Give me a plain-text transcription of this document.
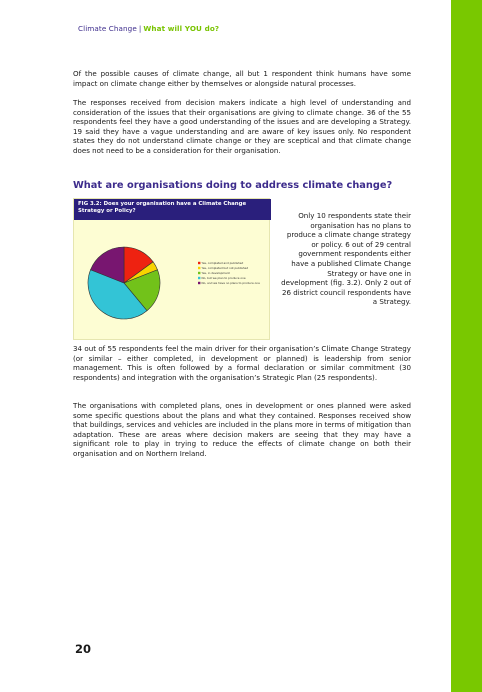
Climate Change | What will YOU do?

Of the possible causes of climate change, all but 1 respondent think humans have some impact on climate change either by themselves or alongside natural processes.

The responses received from decision makers indicate a high level of understanding and consideration of the issues that their organisations are giving to climate change. 36 of the 55 respondents feel they have a good understanding of the issues and are developing a Strategy. 19 said they have a vague understanding and are aware of key issues only. No respondent states they do not understand climate change or they are sceptical and that climate change does not need to be a consideration for their organisation.

What are organisations doing to address climate change?
FIG 3.2: Does your organisation have a Climate Change Strategy or Policy?
Yes, completed and published
Yes, completed but not published
Yes, in development
No, but we plan to produce one
No, and we have no plans to produce one

Only 10 respondents state their organisation has no plans to produce a climate change strategy or policy. 6 out of 29 central government respondents either have a published Climate Change Strategy or have one in development (fig. 3.2). Only 2 out of 26 district council respondents have a Strategy.

34 out of 55 respondents feel the main driver for their organisation’s Climate Change Strategy (or similar – either completed, in development or planned) is leadership from senior management. This is often followed by a formal declaration or similar commitment (30 respondents) and integration with the organisation’s Strategic Plan (25 respondents).

The organisations with completed plans, ones in development or ones planned were asked some specific questions about the plans and what they contained. Responses received show that buildings, services and vehicles are included in the plans more in terms of mitigation than adaptation. These are areas where decision makers are seeing that they may have a significant role to play in trying to reduce the effects of climate change on both their organisation and on Northern Ireland.

20
